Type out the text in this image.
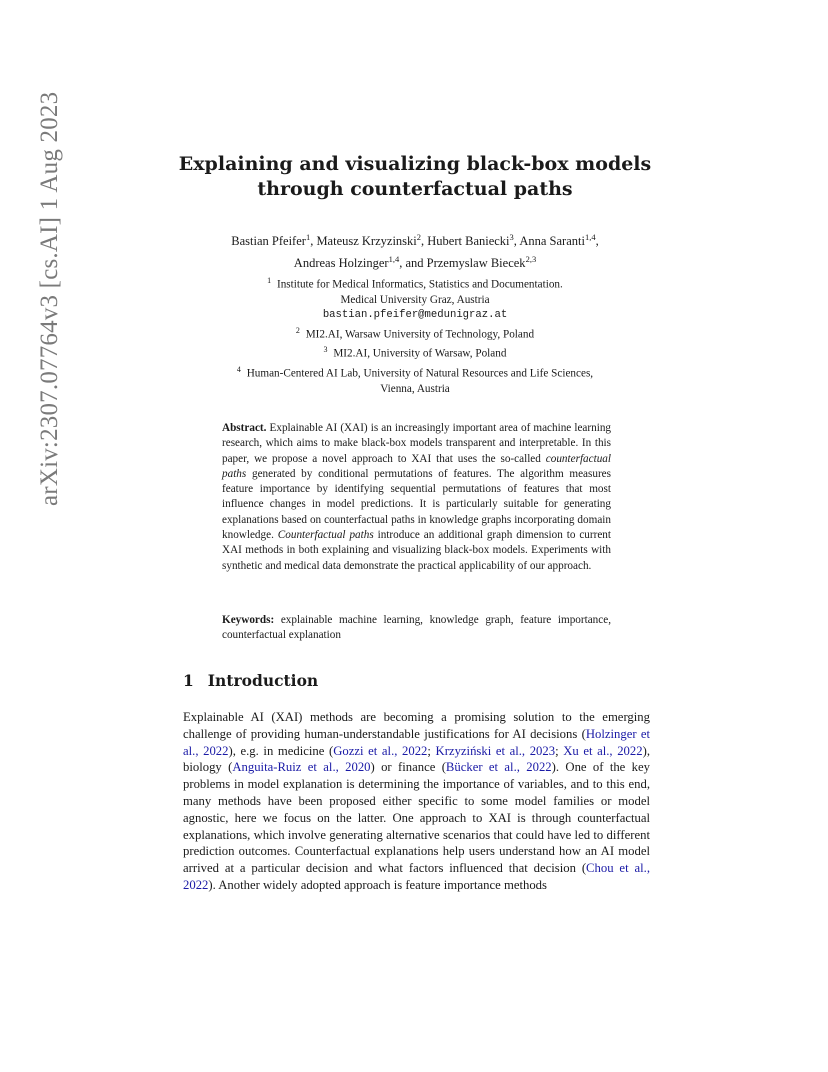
arXiv:2307.07764v3 [cs.AI] 1 Aug 2023	Explaining and visualizing black-box models
through counterfactual paths
Bastian Pfeifer$^1$, Mateusz Krzyzinski$^2$, Hubert Baniecki$^3$, Anna Saranti$^{1,4}$,
Andreas Holzinger$^{1,4}$, and Przemyslaw Biecek$^{2,3}$
$^1$ Institute for Medical Informatics, Statistics and Documentation.
Medical University Graz, Austria
bastian.pfeifer@medunigraz.at
$^2$ MI2.AI, Warsaw University of Technology, Poland
$^3$ MI2.AI, University of Warsaw, Poland
$^4$ Human-Centered AI Lab, University of Natural Resources and Life Sciences,
Vienna, Austria
Abstract. Explainable AI (XAI) is an increasingly important area of machine learning research, which aims to make black-box models transparent and interpretable. In this paper, we propose a novel approach to XAI that uses the so-called counterfactual paths generated by conditional permutations of features. The algorithm measures feature importance by identifying sequential permutations of features that most influence changes in model predictions. It is particularly suitable for generating explanations based on counterfactual paths in knowledge graphs incorporating domain knowledge. Counterfactual paths introduce an additional graph dimension to current XAI methods in both explaining and visualizing black-box models. Experiments with synthetic and medical data demonstrate the practical applicability of our approach.
Keywords: explainable machine learning, knowledge graph, feature importance, counterfactual explanation
1 Introduction
Explainable AI (XAI) methods are becoming a promising solution to the emerging challenge of providing human-understandable justifications for AI decisions (Holzinger et al., 2022), e.g. in medicine (Gozzi et al., 2022; Krzyziński et al., 2023; Xu et al., 2022), biology (Anguita-Ruiz et al., 2020) or finance (Bücker et al., 2022). One of the key problems in model explanation is determining the importance of variables, and to this end, many methods have been proposed either specific to some model families or model agnostic, here we focus on the latter. One approach to XAI is through counterfactual explanations, which involve generating alternative scenarios that could have led to different prediction outcomes. Counterfactual explanations help users understand how an AI model arrived at a particular decision and what factors influenced that decision (Chou et al., 2022). Another widely adopted approach is feature importance methods
